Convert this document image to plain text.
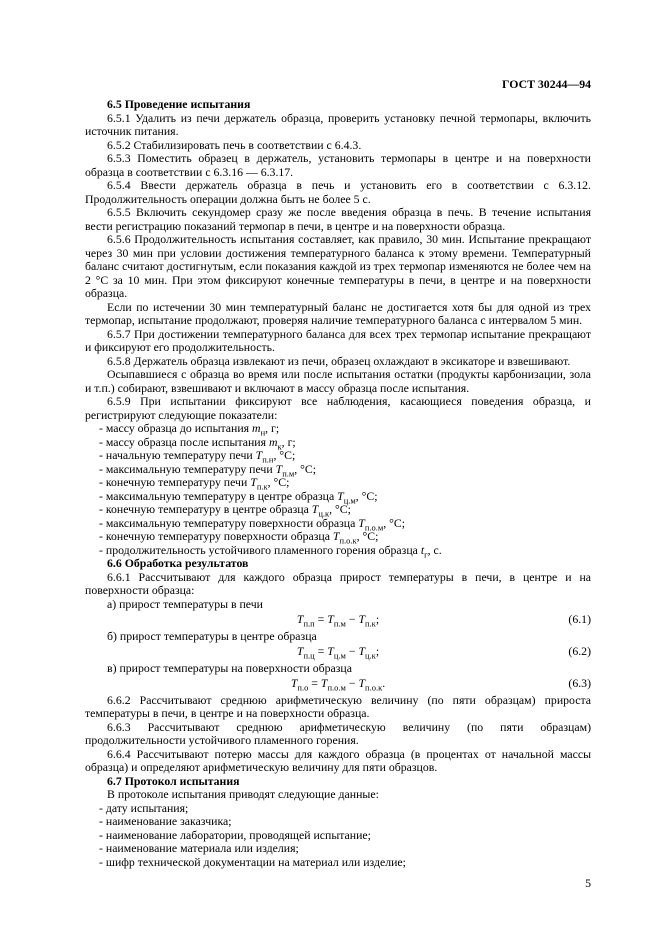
ГОСТ 30244—94

6.5 Проведение испытания

6.5.1 Удалить из печи держатель образца, проверить установку печной термопары, включить источник питания.

6.5.2 Стабилизировать печь в соответствии с 6.4.3.

6.5.3 Поместить образец в держатель, установить термопары в центре и на поверхности образца в соответствии с 6.3.16 — 6.3.17.

6.5.4 Ввести держатель образца в печь и установить его в соответствии с 6.3.12. Продолжительность операции должна быть не более 5 с.

6.5.5 Включить секундомер сразу же после введения образца в печь. В течение испытания вести регистрацию показаний термопар в печи, в центре и на поверхности образца.

6.5.6 Продолжительность испытания составляет, как правило, 30 мин. Испытание прекращают через 30 мин при условии достижения температурного баланса к этому времени. Температурный баланс считают достигнутым, если показания каждой из трех термопар изменяются не более чем на 2 °С за 10 мин. При этом фиксируют конечные температуры в печи, в центре и на поверхности образца.

Если по истечении 30 мин температурный баланс не достигается хотя бы для одной из трех термопар, испытание продолжают, проверяя наличие температурного баланса с интервалом 5 мин.

6.5.7 При достижении температурного баланса для всех трех термопар испытание прекращают и фиксируют его продолжительность.

6.5.8 Держатель образца извлекают из печи, образец охлаждают в эксикаторе и взвешивают.

Осыпавшиеся с образца во время или после испытания остатки (продукты карбонизации, зола и т.п.) собирают, взвешивают и включают в массу образца после испытания.

6.5.9 При испытании фиксируют все наблюдения, касающиеся поведения образца, и регистрируют следующие показатели:

- массу образца до испытания $m_н$, г;

- массу образца после испытания $m_к$, г;

- начальную температуру печи $Т_{п.н}$, °С;

- максимальную температуру печи $Т_{п.м}$, °С;

- конечную температуру печи $Т_{п.к}$, °С;

- максимальную температуру в центре образца $Т_{ц.м}$, °С;

- конечную температуру в центре образца $Т_{ц.к}$, °С;

- максимальную температуру поверхности образца $Т_{п.о.м}$, °С;

- конечную температуру поверхности образца $Т_{п.о.к}$, °С;

- продолжительность устойчивого пламенного горения образца $t_г$, с.

6.6 Обработка результатов

6.6.1 Рассчитывают для каждого образца прирост температуры в печи, в центре и на поверхности образца:

а) прирост температуры в печи

$Т_{п.п} = Т_{п.м} - Т_{п.к}$;	(6.1)

б) прирост температуры в центре образца

$Т_{п.ц} = Т_{ц.м} - Т_{ц.к}$;	(6.2)

в) прирост температуры на поверхности образца

$Т_{п.о} = Т_{п.о.м} - Т_{п.о.к}$.	(6.3)

6.6.2 Рассчитывают среднюю арифметическую величину (по пяти образцам) прироста температуры в печи, в центре и на поверхности образца.

6.6.3 Рассчитывают среднюю арифметическую величину (по пяти образцам) продолжительности устойчивого пламенного горения.

6.6.4 Рассчитывают потерю массы для каждого образца (в процентах от начальной массы образца) и определяют арифметическую величину для пяти образцов.

6.7 Протокол испытания

В протоколе испытания приводят следующие данные:

- дату испытания;

- наименование заказчика;

- наименование лаборатории, проводящей испытание;

- наименование материала или изделия;

- шифр технической документации на материал или изделие;

5
